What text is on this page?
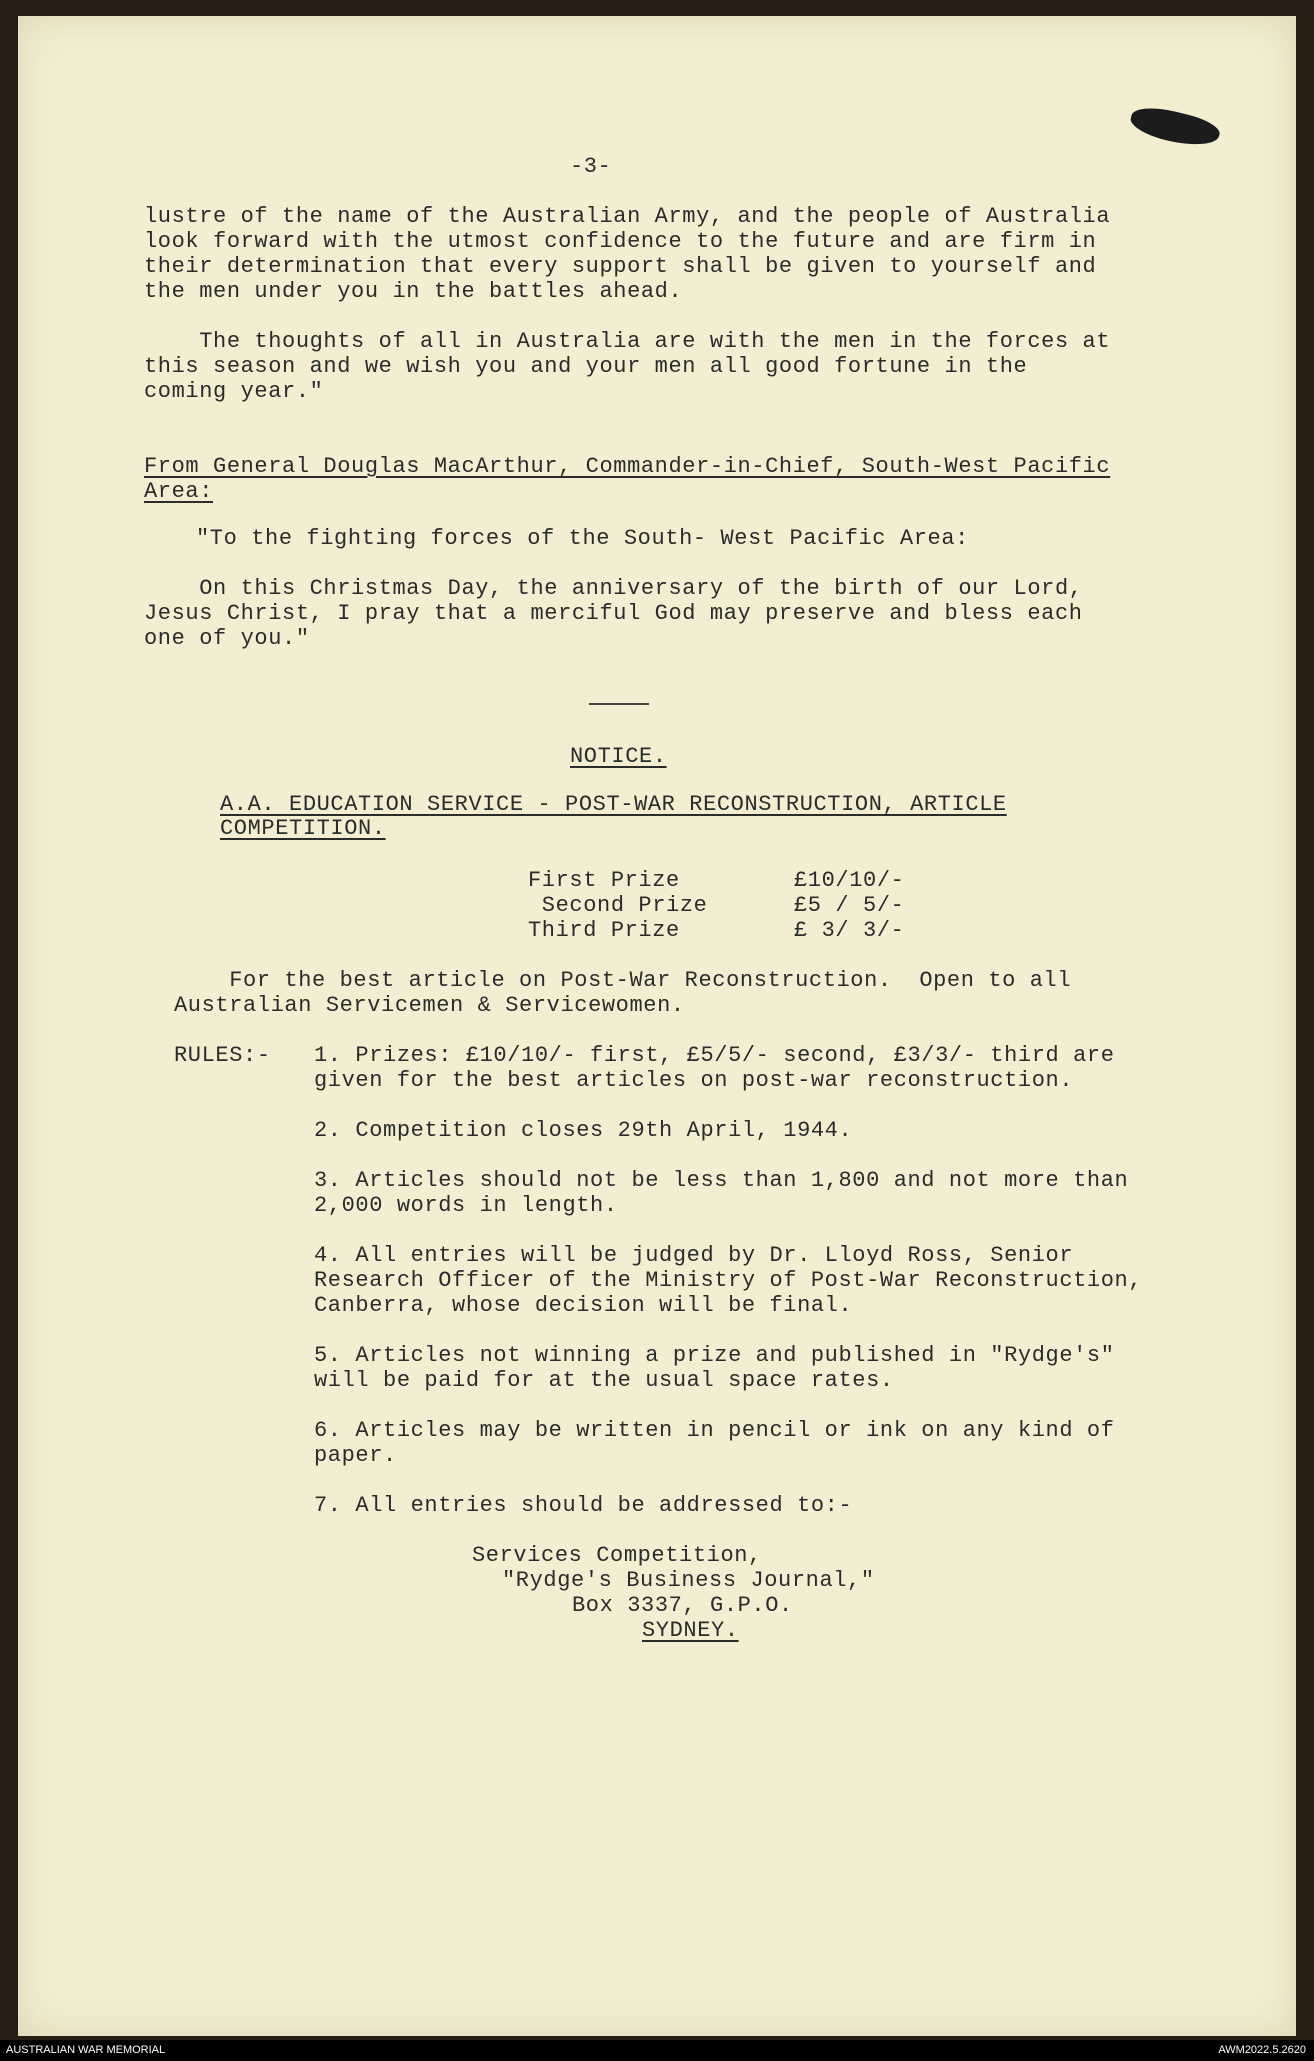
-3-
lustre of the name of the Australian Army, and the people of Australia
look forward with the utmost confidence to the future and are firm in
their determination that every support shall be given to yourself and
the men under you in the battles ahead.
The thoughts of all in Australia are with the men in the forces at
this season and we wish you and your men all good fortune in the
coming year."
From General Douglas MacArthur, Commander-in-Chief, South-West Pacific
Area:
"To the fighting forces of the South- West Pacific Area:
On this Christmas Day, the anniversary of the birth of our Lord,
Jesus Christ, I pray that a merciful God may preserve and bless each
one of you."
NOTICE.
A.A. EDUCATION SERVICE - POST-WAR RECONSTRUCTION, ARTICLE
COMPETITION.
First Prize	£10/10/-
Second Prize	£5 / 5/-
Third Prize	£ 3/ 3/-
For the best article on Post-War Reconstruction.  Open to all
Australian Servicemen & Servicewomen.
RULES:- 1. Prizes: £10/10/- first, £5/5/- second, £3/3/- third are
given for the best articles on post-war reconstruction.
2. Competition closes 29th April, 1944.
3. Articles should not be less than 1,800 and not more than
2,000 words in length.
4. All entries will be judged by Dr. Lloyd Ross, Senior
Research Officer of the Ministry of Post-War Reconstruction,
Canberra, whose decision will be final.
5. Articles not winning a prize and published in "Rydge's"
will be paid for at the usual space rates.
6. Articles may be written in pencil or ink on any kind of
paper.
7. All entries should be addressed to:-
Services Competition,
"Rydge's Business Journal,"
Box 3337, G.P.O.
SYDNEY.
AUSTRALIAN WAR MEMORIAL	AWM2022.5.2620
